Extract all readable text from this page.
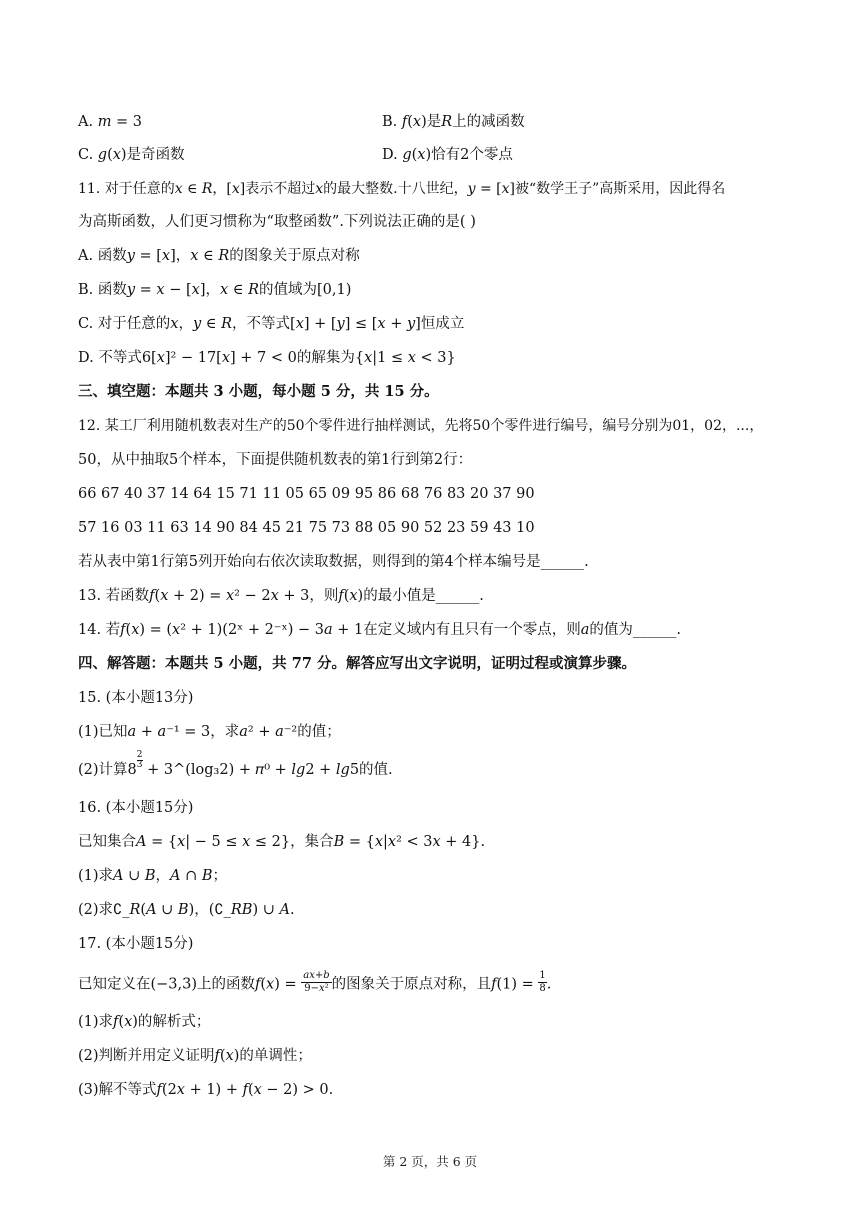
A. 𝑚 = 3	B. 𝑓(𝑥)是𝑅上的减函数
C. 𝑔(𝑥)是奇函数	D. 𝑔(𝑥)恰有2个零点
11. 对于任意的𝑥 ∈ 𝑅，[𝑥]表示不超过𝑥的最大整数.十八世纪，𝑦 = [𝑥]被“数学王子”高斯采用，因此得名
为高斯函数，人们更习惯称为“取整函数”.下列说法正确的是( )
A. 函数𝑦 = [𝑥]，𝑥 ∈ 𝑅的图象关于原点对称
B. 函数𝑦 = 𝑥 − [𝑥]，𝑥 ∈ 𝑅的值域为[0,1)
C. 对于任意的𝑥，𝑦 ∈ 𝑅，不等式[𝑥] + [𝑦] ≤ [𝑥 + 𝑦]恒成立
D. 不等式6[𝑥]² − 17[𝑥] + 7 < 0的解集为{𝑥|1 ≤ 𝑥 < 3}
三、填空题：本题共 3 小题，每小题 5 分，共 15 分。
12. 某工厂利用随机数表对生产的50个零件进行抽样测试，先将50个零件进行编号，编号分别为01，02，...，
50，从中抽取5个样本，下面提供随机数表的第1行到第2行：
66 67 40 37 14 64 15 71 11 05 65 09 95 86 68 76 83 20 37 90
57 16 03 11 63 14 90 84 45 21 75 73 88 05 90 52 23 59 43 10
若从表中第1行第5列开始向右依次读取数据，则得到的第4个样本编号是______.
13. 若函数𝑓(𝑥 + 2) = 𝑥² − 2𝑥 + 3，则𝑓(𝑥)的最小值是______.
14. 若𝑓(𝑥) = (𝑥² + 1)(2ˣ + 2⁻ˣ) − 3𝑎 + 1在定义域内有且只有一个零点，则𝑎的值为______.
四、解答题：本题共 5 小题，共 77 分。解答应写出文字说明，证明过程或演算步骤。
15. (本小题13分)
(1)已知𝑎 + 𝑎⁻¹ = 3，求𝑎² + 𝑎⁻²的值；
(2)计算$8 \frac{2}{3}$ + 3^(log₃2) + 𝜋⁰ + 𝑙𝑔2 + 𝑙𝑔5的值.
16. (本小题15分)
已知集合𝐴 = {𝑥| − 5 ≤ 𝑥 ≤ 2}，集合𝐵 = {𝑥|𝑥² < 3𝑥 + 4}.
(1)求𝐴 ∪ 𝐵，𝐴 ∩ 𝐵；
(2)求∁_𝑅(𝐴 ∪ 𝐵)，(∁_𝑅𝐵) ∪ 𝐴.
17. (本小题15分)
已知定义在(−3,3)上的函数𝑓(𝑥) =
𝑎𝑥+𝑏
9−𝑥² 的图象关于原点对称，且𝑓(1) = $\frac{1}{8}$ .
(1)求𝑓(𝑥)的解析式；
(2)判断并用定义证明𝑓(𝑥)的单调性；
(3)解不等式𝑓(2𝑥 + 1) + 𝑓(𝑥 − 2) > 0.
第 2 页，共 6 页
